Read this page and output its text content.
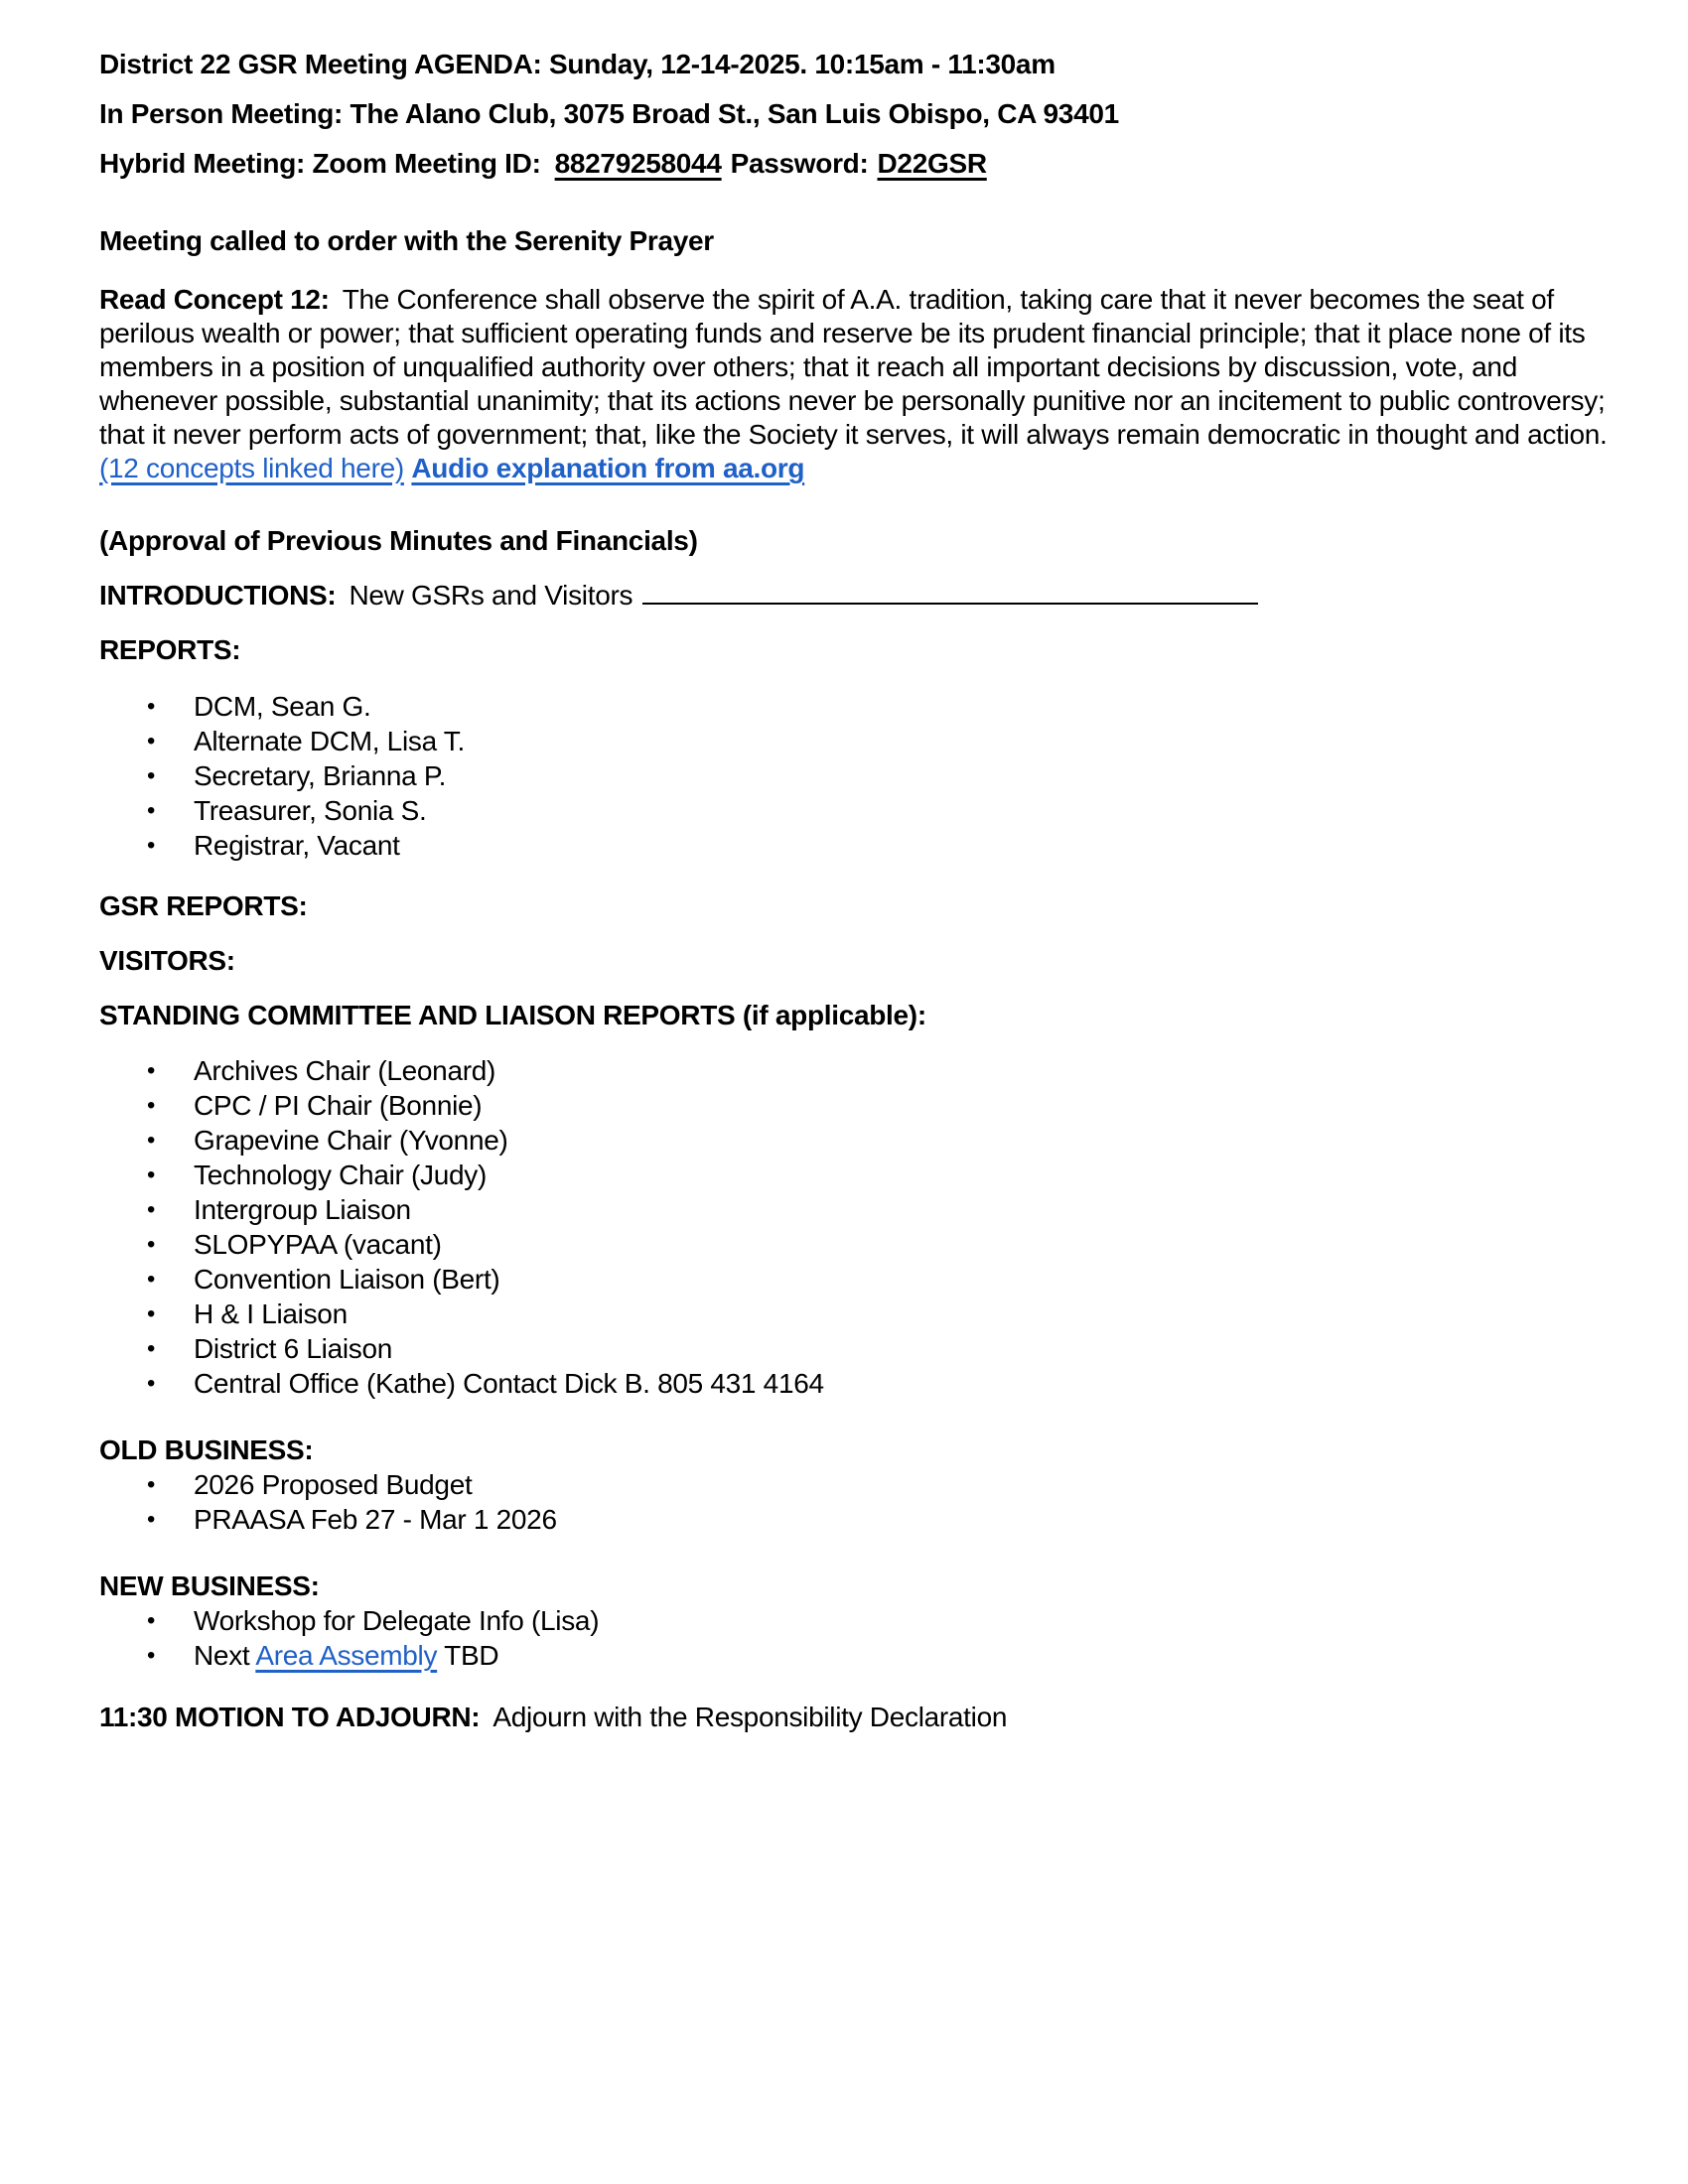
District 22 GSR Meeting AGENDA: Sunday, 12-14-2025. 10:15am - 11:30am

In Person Meeting: The Alano Club, 3075 Broad St., San Luis Obispo, CA 93401

Hybrid Meeting: Zoom Meeting ID: 88279258044 Password: D22GSR

Meeting called to order with the Serenity Prayer

Read Concept 12: The Conference shall observe the spirit of A.A. tradition, taking care that it never becomes the seat of perilous wealth or power; that sufficient operating funds and reserve be its prudent financial principle; that it place none of its members in a position of unqualified authority over others; that it reach all important decisions by discussion, vote, and whenever possible, substantial unanimity; that its actions never be personally punitive nor an incitement to public controversy; that it never perform acts of government; that, like the Society it serves, it will always remain democratic in thought and action. (12 concepts linked here) Audio explanation from aa.org

(Approval of Previous Minutes and Financials)

INTRODUCTIONS: New GSRs and Visitors

REPORTS:

• DCM, Sean G.
• Alternate DCM, Lisa T.
• Secretary, Brianna P.
• Treasurer, Sonia S.
• Registrar, Vacant

GSR REPORTS:

VISITORS:

STANDING COMMITTEE AND LIAISON REPORTS (if applicable):

• Archives Chair (Leonard)
• CPC / PI Chair (Bonnie)
• Grapevine Chair (Yvonne)
• Technology Chair (Judy)
• Intergroup Liaison
• SLOPYPAA (vacant)
• Convention Liaison (Bert)
• H & I Liaison
• District 6 Liaison
• Central Office (Kathe) Contact Dick B. 805 431 4164

OLD BUSINESS:

• 2026 Proposed Budget
• PRAASA Feb 27 - Mar 1 2026

NEW BUSINESS:

• Workshop for Delegate Info (Lisa)
• Next Area Assembly TBD

11:30 MOTION TO ADJOURN: Adjourn with the Responsibility Declaration
